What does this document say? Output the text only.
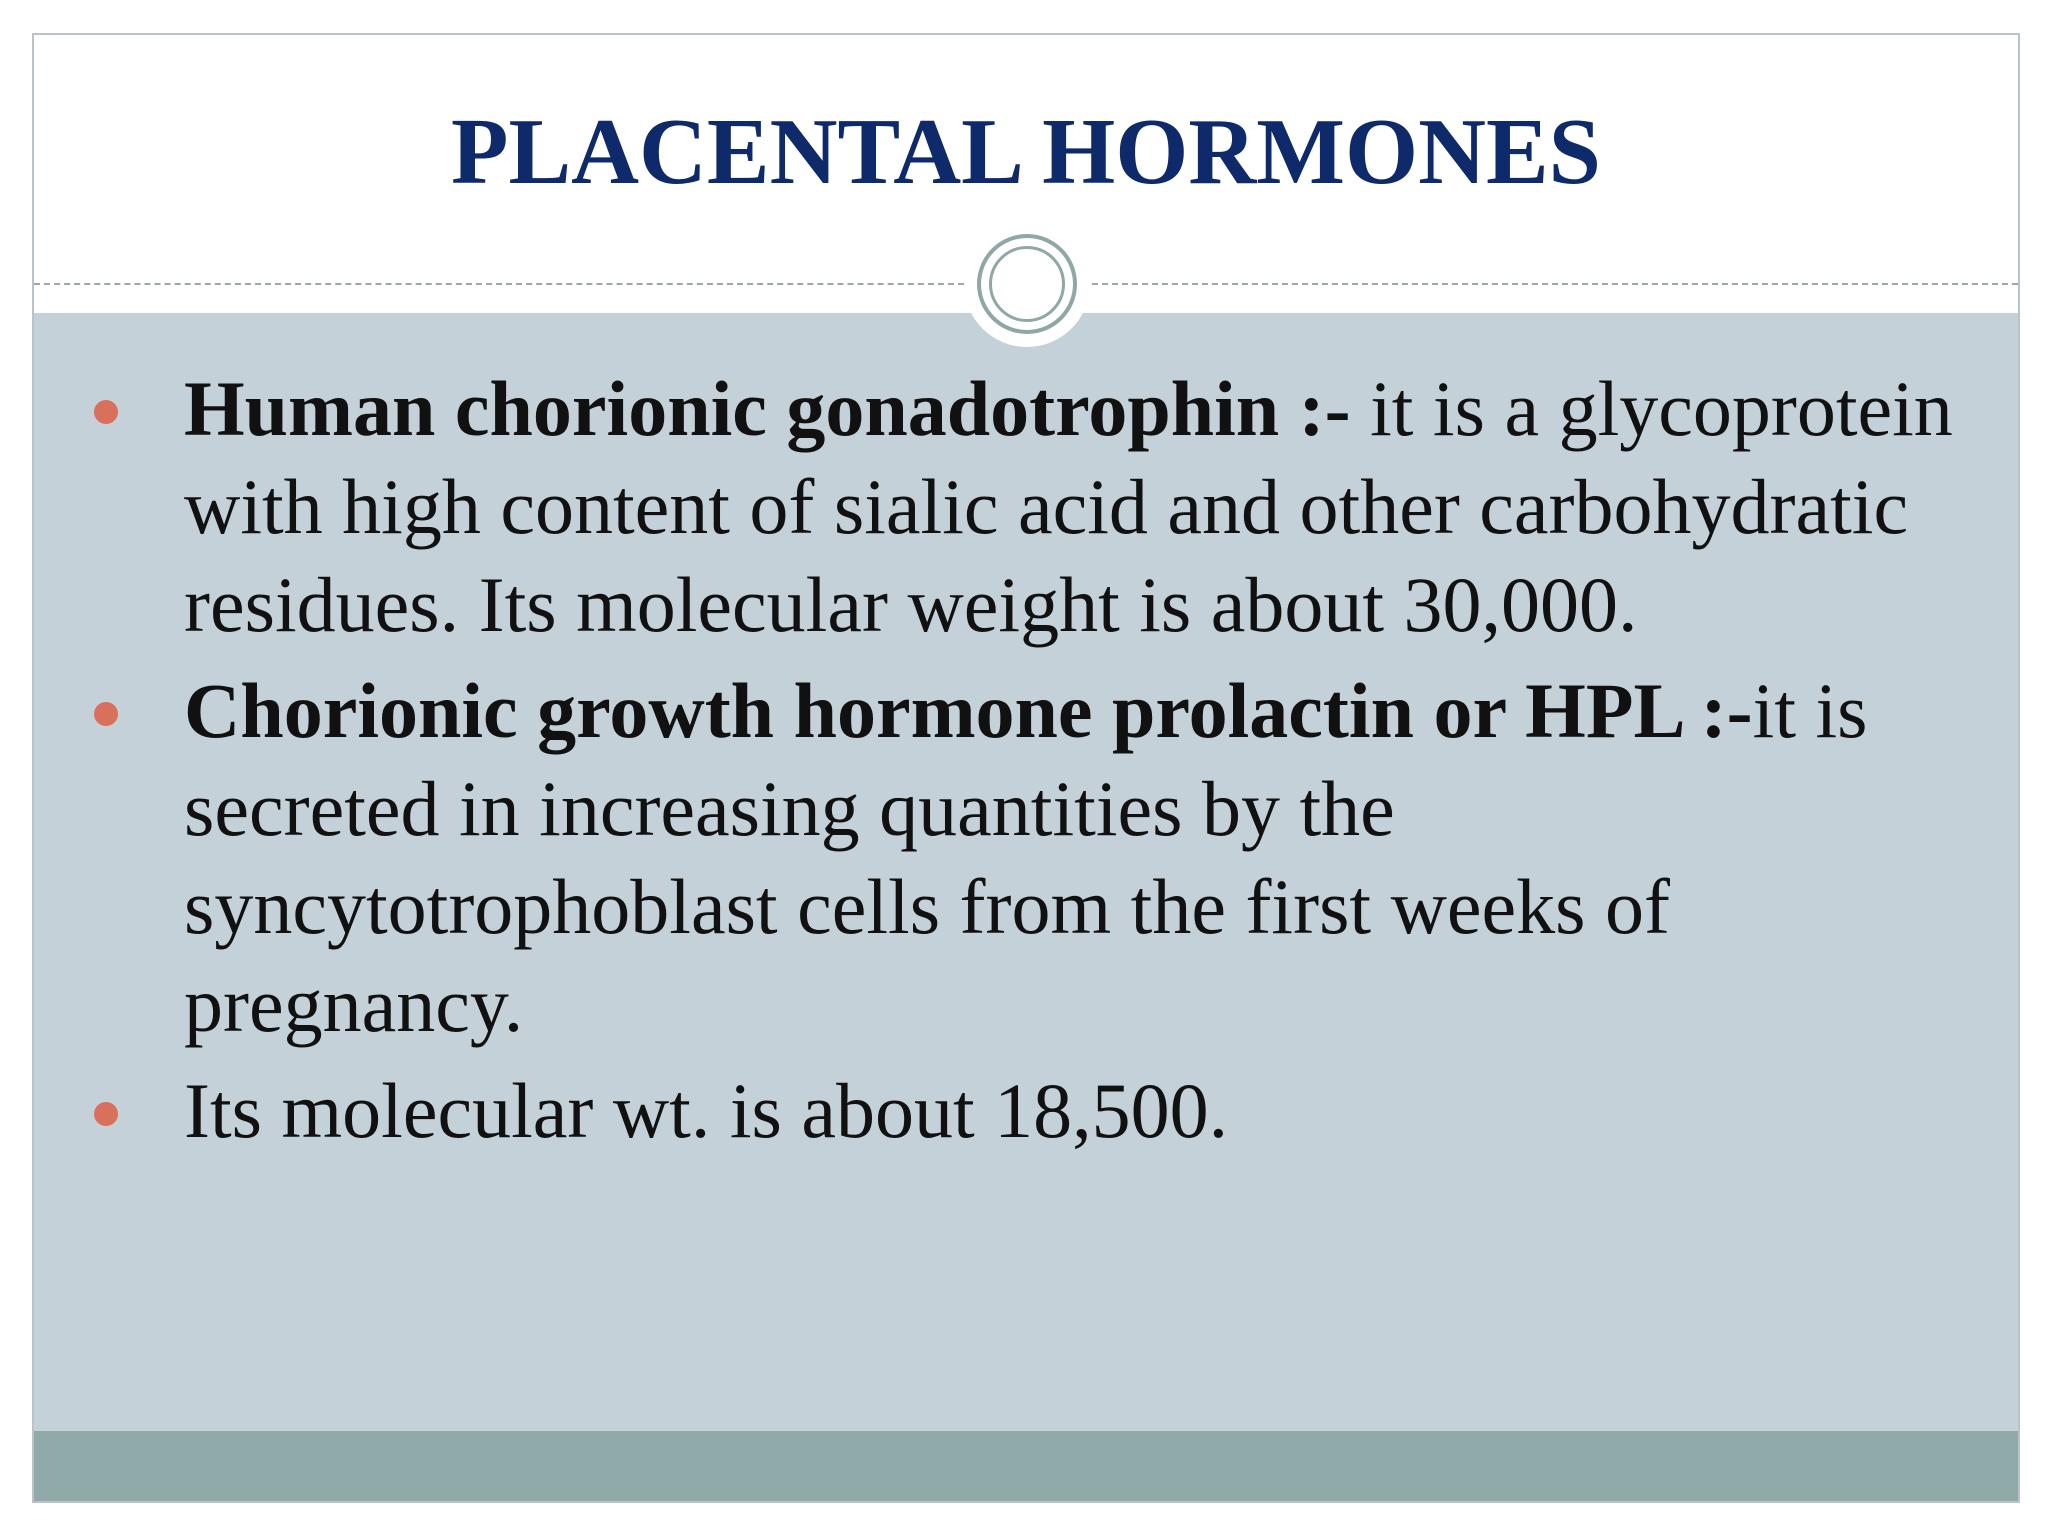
PLACENTAL HORMONES
Human chorionic gonadotrophin :- it is a glycoprotein with high content of sialic acid and other carbohydratic residues. Its molecular weight is about 30,000.
Chorionic growth hormone prolactin or HPL :-it is secreted in increasing quantities by the syncytotrophoblast cells from the first weeks of pregnancy.
Its molecular wt. is about 18,500.
